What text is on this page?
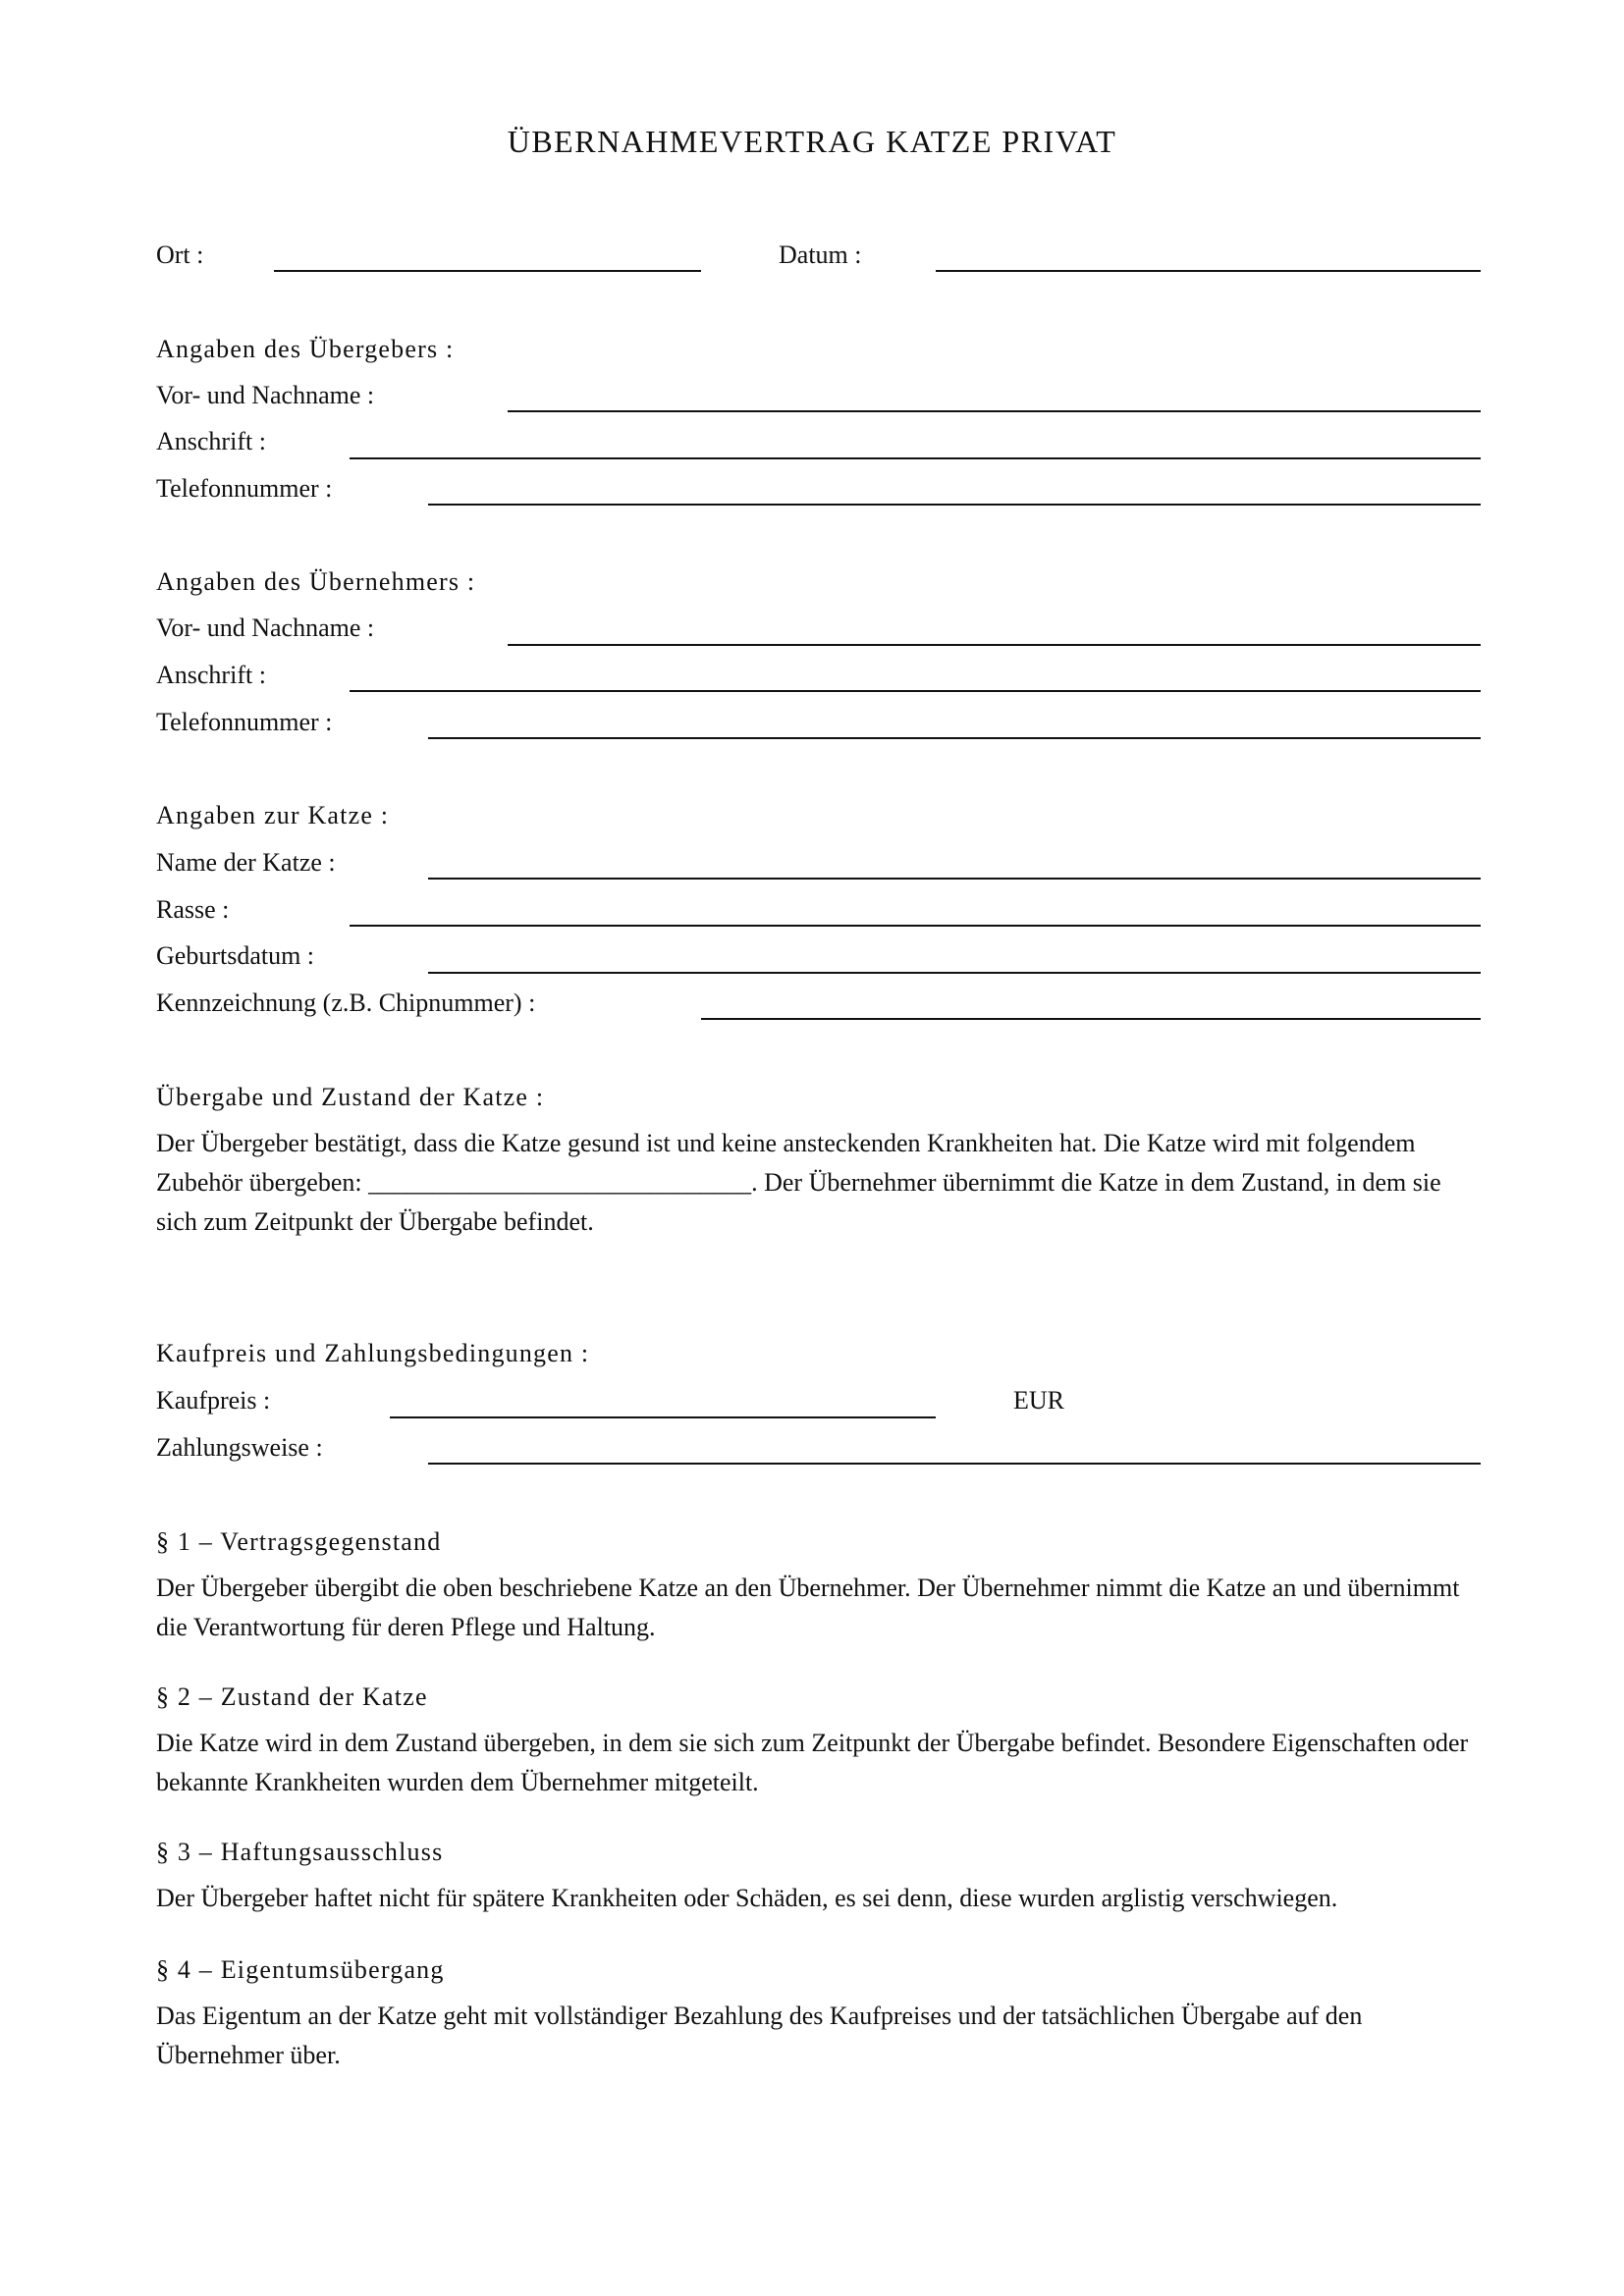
ÜBERNAHMEVERTRAG KATZE PRIVAT
Ort :	Datum :
Angaben des Übergebers :
Vor- und Nachname :
Anschrift :
Telefonnummer :
Angaben des Übernehmers :
Vor- und Nachname :
Anschrift :
Telefonnummer :
Angaben zur Katze :
Name der Katze :
Rasse :
Geburtsdatum :
Kennzeichnung (z.B. Chipnummer) :
Übergabe und Zustand der Katze :
Der Übergeber bestätigt, dass die Katze gesund ist und keine ansteckenden Krankheiten hat. Die Katze wird mit folgendem Zubehör übergeben: ______________________________. Der Übernehmer übernimmt die Katze in dem Zustand, in dem sie sich zum Zeitpunkt der Übergabe befindet.
Kaufpreis und Zahlungsbedingungen :
Kaufpreis :	EUR
Zahlungsweise :
§ 1 – Vertragsgegenstand
Der Übergeber übergibt die oben beschriebene Katze an den Übernehmer. Der Übernehmer nimmt die Katze an und übernimmt die Verantwortung für deren Pflege und Haltung.
§ 2 – Zustand der Katze
Die Katze wird in dem Zustand übergeben, in dem sie sich zum Zeitpunkt der Übergabe befindet. Besondere Eigenschaften oder bekannte Krankheiten wurden dem Übernehmer mitgeteilt.
§ 3 – Haftungsausschluss
Der Übergeber haftet nicht für spätere Krankheiten oder Schäden, es sei denn, diese wurden arglistig verschwiegen.
§ 4 – Eigentumsübergang
Das Eigentum an der Katze geht mit vollständiger Bezahlung des Kaufpreises und der tatsächlichen Übergabe auf den Übernehmer über.
